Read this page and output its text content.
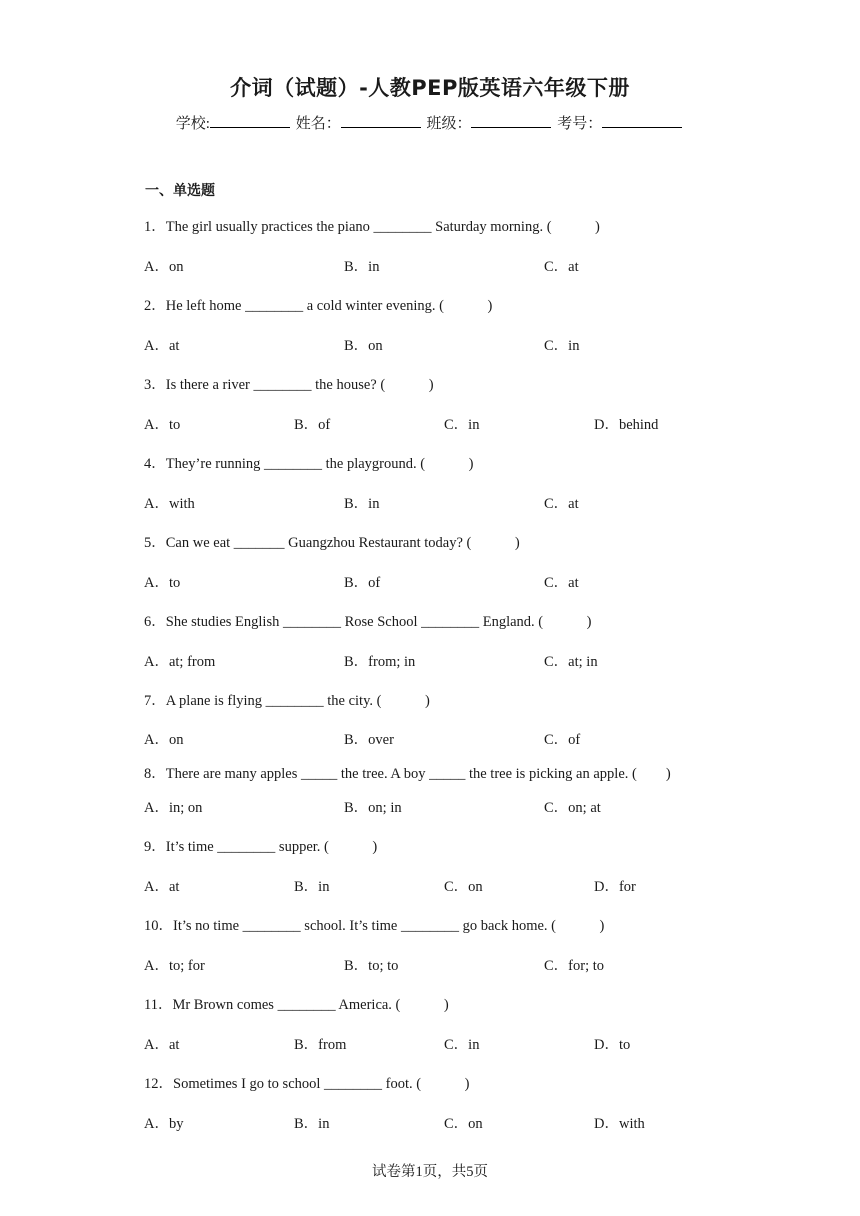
介词（试题）-人教PEP版英语六年级下册
学校:	姓名：	班级：	考号：
一、单选题
1．The girl usually practices the piano ________ Saturday morning. (　　　)
A．on	B．in	C．at
2．He left home ________ a cold winter evening. (　　　)
A．at	B．on	C．in
3．Is there a river ________ the house? (　　　)
A．to	B．of	C．in	D．behind
4．They’re running ________ the playground. (　　　)
A．with	B．in	C．at
5．Can we eat _______ Guangzhou Restaurant today? (　　　)
A．to	B．of	C．at
6．She studies English ________ Rose School ________ England. (　　　)
A．at; from	B．from; in	C．at; in
7．A plane is flying ________ the city. (　　　)
A．on	B．over	C．of
8．There are many apples _____ the tree. A boy _____ the tree is picking an apple. (　　)
A．in; on	B．on; in	C．on; at
9．It’s time ________ supper. (　　　)
A．at	B．in	C．on	D．for
10．It’s no time ________ school. It’s time ________ go back home. (　　　)
A．to; for	B．to; to	C．for; to
11．Mr Brown comes ________ America. (　　　)
A．at	B．from	C．in	D．to
12．Sometimes I go to school ________ foot. (　　　)
A．by	B．in	C．on	D．with
试卷第1页，共5页
